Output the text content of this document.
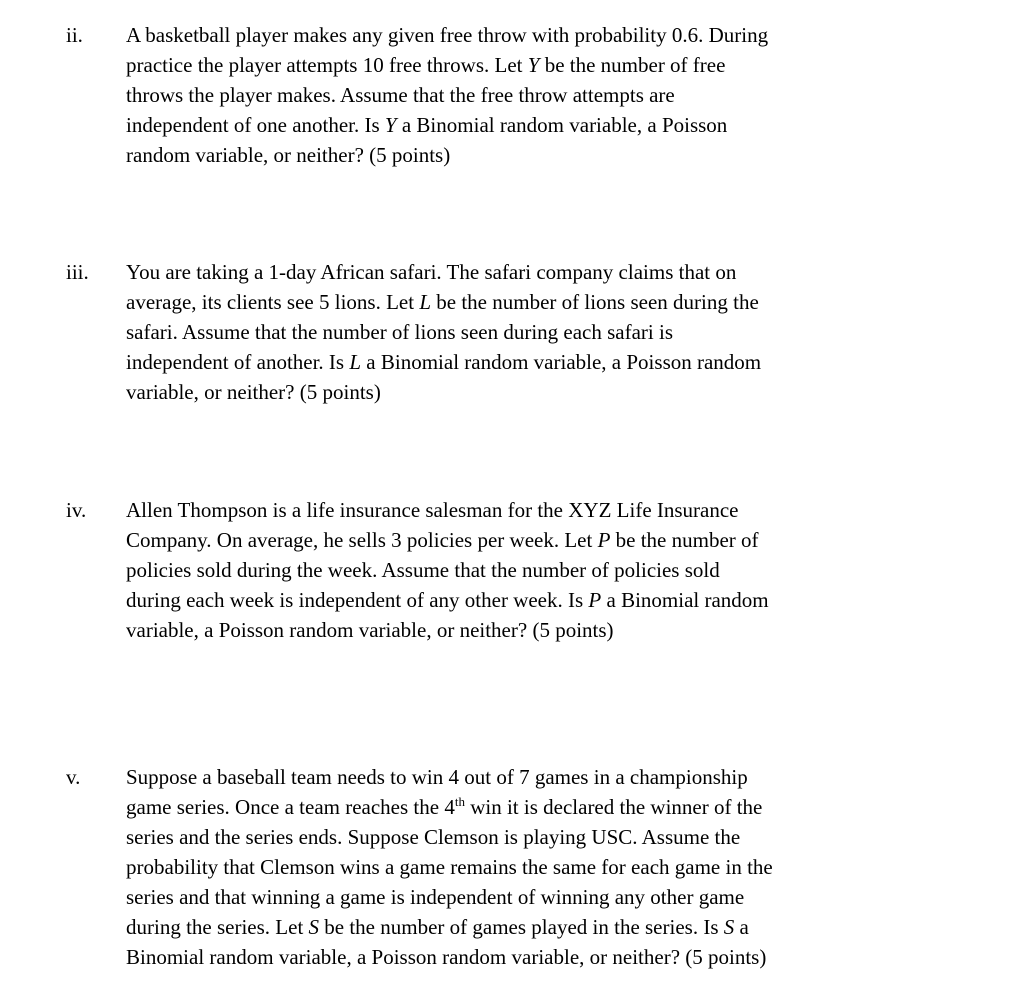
ii. A basketball player makes any given free throw with probability 0.6. During
practice the player attempts 10 free throws. Let Y be the number of free
throws the player makes. Assume that the free throw attempts are
independent of one another. Is Y a Binomial random variable, a Poisson
random variable, or neither? (5 points)
iii. You are taking a 1-day African safari. The safari company claims that on
average, its clients see 5 lions. Let L be the number of lions seen during the
safari. Assume that the number of lions seen during each safari is
independent of another. Is L a Binomial random variable, a Poisson random
variable, or neither? (5 points)
iv. Allen Thompson is a life insurance salesman for the XYZ Life Insurance
Company. On average, he sells 3 policies per week. Let P be the number of
policies sold during the week. Assume that the number of policies sold
during each week is independent of any other week. Is P a Binomial random
variable, a Poisson random variable, or neither? (5 points)
v. Suppose a baseball team needs to win 4 out of 7 games in a championship
game series. Once a team reaches the 4th win it is declared the winner of the
series and the series ends. Suppose Clemson is playing USC. Assume the
probability that Clemson wins a game remains the same for each game in the
series and that winning a game is independent of winning any other game
during the series. Let S be the number of games played in the series. Is S a
Binomial random variable, a Poisson random variable, or neither? (5 points)
